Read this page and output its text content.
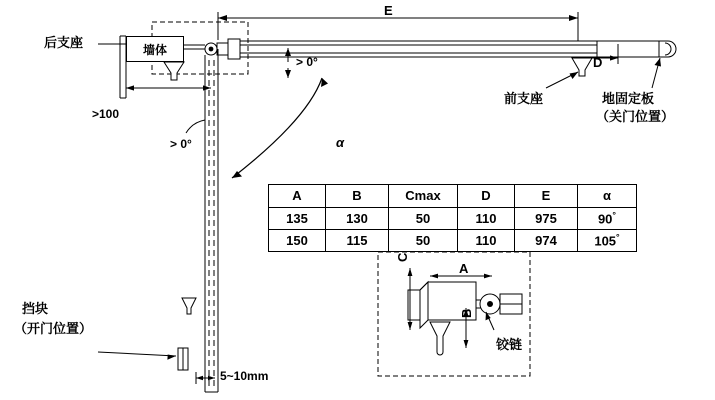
后支座	墙体
E
D
> 0°
>100
> 0°	α
前支座	地固定板
（关门位置）
挡块
（开门位置）
5~10mm
A
B
铰链
A	B	Cmax	D	E	α
135	130	50	110	975	90°
150	115	50	110	974	105°
